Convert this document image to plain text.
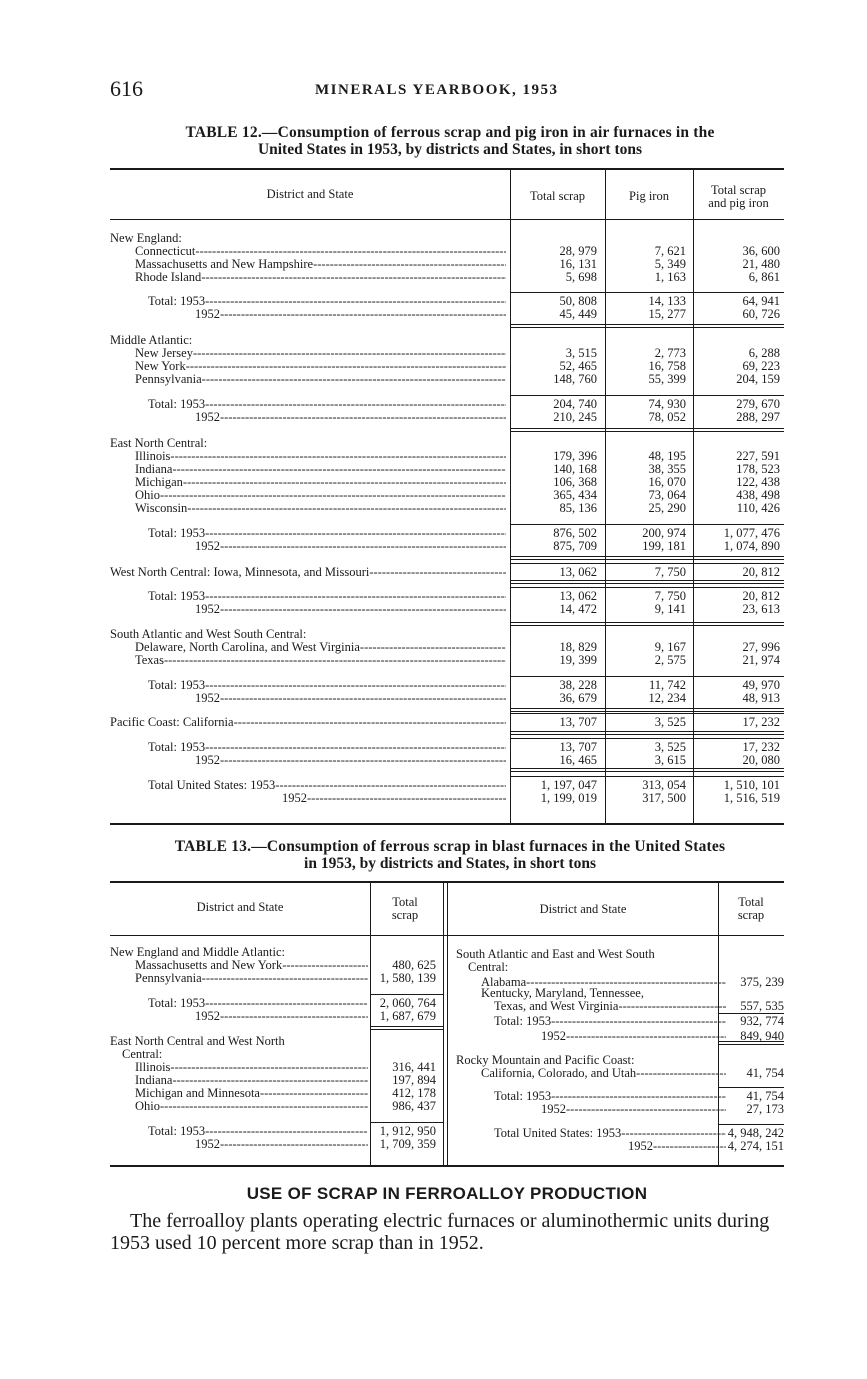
616	MINERALS YEARBOOK, 1953
TABLE 12.—Consumption of ferrous scrap and pig iron in air furnaces in the
United States in 1953, by districts and States, in short tons
District and State	Total scrap	Pig iron	Total scrap
and pig iron
New England:
Connecticut -----	28, 979	7, 621	36, 600
Massachusetts and New Hampshire -----	16, 131	5, 349	21, 480
Rhode Island -----	5, 698	1, 163	6, 861
Total: 1953 -----	50, 808	14, 133	64, 941
1952 -----	45, 449	15, 277	60, 726
Middle Atlantic:
New Jersey -----	3, 515	2, 773	6, 288
New York -----	52, 465	16, 758	69, 223
Pennsylvania -----	148, 760	55, 399	204, 159
Total: 1953 -----	204, 740	74, 930	279, 670
1952 -----	210, 245	78, 052	288, 297
East North Central:
Illinois -----	179, 396	48, 195	227, 591
Indiana -----	140, 168	38, 355	178, 523
Michigan -----	106, 368	16, 070	122, 438
Ohio -----	365, 434	73, 064	438, 498
Wisconsin -----	85, 136	25, 290	110, 426
Total: 1953 -----	876, 502	200, 974	1, 077, 476
1952 -----	875, 709	199, 181	1, 074, 890
West North Central: Iowa, Minnesota, and Missouri -----	13, 062	7, 750	20, 812
Total: 1953 -----	13, 062	7, 750	20, 812
1952 -----	14, 472	9, 141	23, 613
South Atlantic and West South Central:
Delaware, North Carolina, and West Virginia -----	18, 829	9, 167	27, 996
Texas -----	19, 399	2, 575	21, 974
Total: 1953 -----	38, 228	11, 742	49, 970
1952 -----	36, 679	12, 234	48, 913
Pacific Coast: California -----	13, 707	3, 525	17, 232
Total: 1953 -----	13, 707	3, 525	17, 232
1952 -----	16, 465	3, 615	20, 080
Total United States: 1953 -----	1, 197, 047	313, 054	1, 510, 101
1952 -----	1, 199, 019	317, 500	1, 516, 519
TABLE 13.—Consumption of ferrous scrap in blast furnaces in the United States
in 1953, by districts and States, in short tons
District and State	Total
scrap	District and State	Total
scrap
New England and Middle Atlantic:
Massachusetts and New York -----	480, 625
Pennsylvania -----	1, 580, 139
Total: 1953 -----	2, 060, 764
1952 -----	1, 687, 679
East North Central and West North
Central:
Illinois -----	316, 441
Indiana -----	197, 894
Michigan and Minnesota -----	412, 178
Ohio -----	986, 437
Total: 1953 -----	1, 912, 950
1952 -----	1, 709, 359
South Atlantic and East and West South
Central:
Alabama -----	375, 239
Kentucky, Maryland, Tennessee,
Texas, and West Virginia -----	557, 535
Total: 1953 -----	932, 774
1952 -----	849, 940
Rocky Mountain and Pacific Coast:
California, Colorado, and Utah -----	41, 754
Total: 1953 -----	41, 754
1952 -----	27, 173
Total United States: 1953 -----	4, 948, 242
1952 -----	4, 274, 151
USE OF SCRAP IN FERROALLOY PRODUCTION
The ferroalloy plants operating electric furnaces or aluminothermic units during 1953 used 10 percent more scrap than in 1952.
